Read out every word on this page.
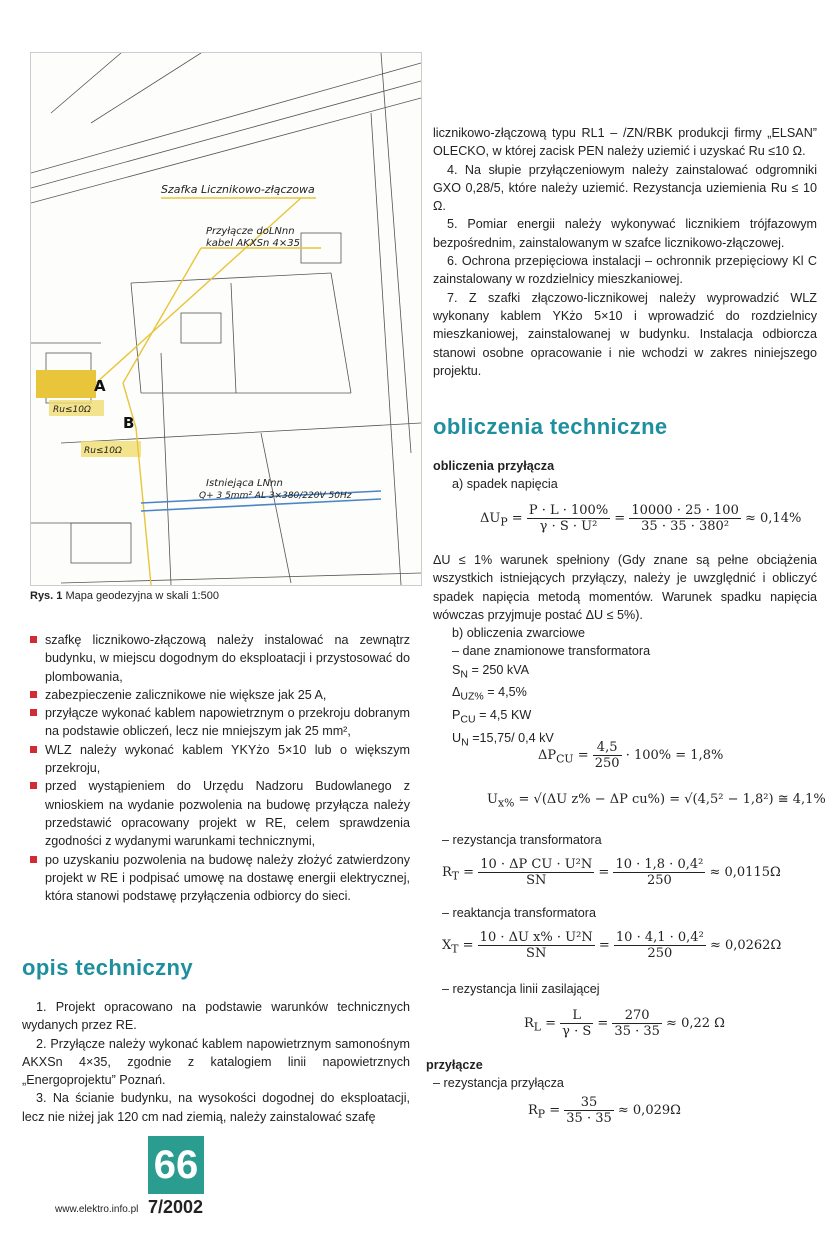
Szafka Licznikowo-złączowa
Przyłącze doLNnn
kabel AKXSn 4×35
A
B
Ru≤10Ω
Ru≤10Ω
Istniejąca LNnn
Q+ 3 5mm² AL 3×380/220V 50Hz
Rys. 1 Mapa geodezyjna w skali 1:500
szafkę licznikowo-złączową należy instalować na zewnątrz budynku, w miejscu dogodnym do eksploatacji i przystosować do plombowania,
zabezpieczenie zalicznikowe nie większe jak 25 A,
przyłącze wykonać kablem napowietrznym o przekroju dobranym na podstawie obliczeń, lecz nie mniejszym jak 25 mm²,
WLZ należy wykonać kablem YKYżo 5×10 lub o większym przekroju,
przed wystąpieniem do Urzędu Nadzoru Budowlanego z wnioskiem na wydanie pozwolenia na budowę przyłącza należy przedstawić opracowany projekt w RE, celem sprawdzenia zgodności z wydanymi warunkami technicznymi,
po uzyskaniu pozwolenia na budowę należy złożyć zatwierdzony projekt w RE i podpisać umowę na dostawę energii elektrycznej, która stanowi podstawę przyłączenia odbiorcy do sieci.
opis techniczny

1. Projekt opracowano na podstawie warunków technicznych wydanych przez RE.

2. Przyłącze należy wykonać kablem napowietrznym samonośnym AKXSn 4×35, zgodnie z katalogiem linii napowietrznych „Energoprojektu” Poznań.

3. Na ścianie budynku, na wysokości dogodnej do eksploatacji, lecz nie niżej jak 120 cm nad ziemią, należy zainstalować szafę

licznikowo-złączową typu RL1 – /ZN/RBK produkcji firmy „ELSAN” OLECKO, w której zacisk PEN należy uziemić i uzyskać Ru ≤10 Ω.

4. Na słupie przyłączeniowym należy zainstalować odgromniki GXO 0,28/5, które należy uziemić. Rezystancja uziemienia Ru ≤ 10 Ω.

5. Pomiar energii należy wykonywać licznikiem trójfazowym bezpośrednim, zainstalowanym w szafce licznikowo-złączowej.

6. Ochrona przepięciowa instalacji – ochronnik przepięciowy Kl C zainstalowany w rozdzielnicy mieszkaniowej.

7. Z szafki złączowo-licznikowej należy wyprowadzić WLZ wykonany kablem YKżo 5×10 i wprowadzić do rozdzielnicy mieszkaniowej, zainstalowanej w budynku. Instalacja odbiorcza stanowi osobne opracowanie i nie wchodzi w zakres niniejszego projektu.

obliczenia techniczne
obliczenia przyłącza
a) spadek napięcia
$\Delta U_P = \frac{P \cdot L \cdot 100\%}{\text{γ · S · U²}} = \frac{10000 \cdot 25 \cdot 100}{\text{35 · 35 · 380²}} \approx 0,14\%$

ΔU ≤ 1% warunek spełniony (Gdy znane są pełne obciążenia wszystkich istniejących przyłączy, należy je uwzględnić i obliczyć spadek napięcia metodą momentów. Warunek spadku napięcia wówczas przyjmuje postać ΔU ≤ 5%).

b) obliczenia zwarciowe

– dane znamionowe transformatora

$S_N = 250$ kVA

$\Delta_{UZ\%} = 4,5\%$

$P_{CU} = 4,5$ KW

$U_N =15,75/$ 0,4 kV

$\Delta P_{CU} = \frac{4,5}{250} \cdot 100\% = 1,8\%$
$U_{x\%} = √(\Delta U$ z% − ΔP cu%) = √(4,5² − 1,8²) ≅ 4,1%
– rezystancja transformatora
$R_T = \frac{\text{10 · ΔP CU · U²N}}{SN} = \frac{\text{10 · 1,8 · 0,4²}}{250} \approx 0,0115\Omega$
– reaktancja transformatora
$X_T = \frac{\text{10 · ΔU x\% · U²N}}{SN} = \frac{\text{10 · 4,1 · 0,4²}}{250} \approx 0,0262\Omega$
– rezystancja linii zasilającej
$R_L = \frac{L}{\gamma \cdot S} = \frac{270}{35 \cdot 35} \approx 0,22$ Ω
przyłącze
– rezystancja przyłącza
$R_P = \frac{35}{35 \cdot 35} \approx 0,029\Omega$
66
www.elektro.info.pl 7/2002
